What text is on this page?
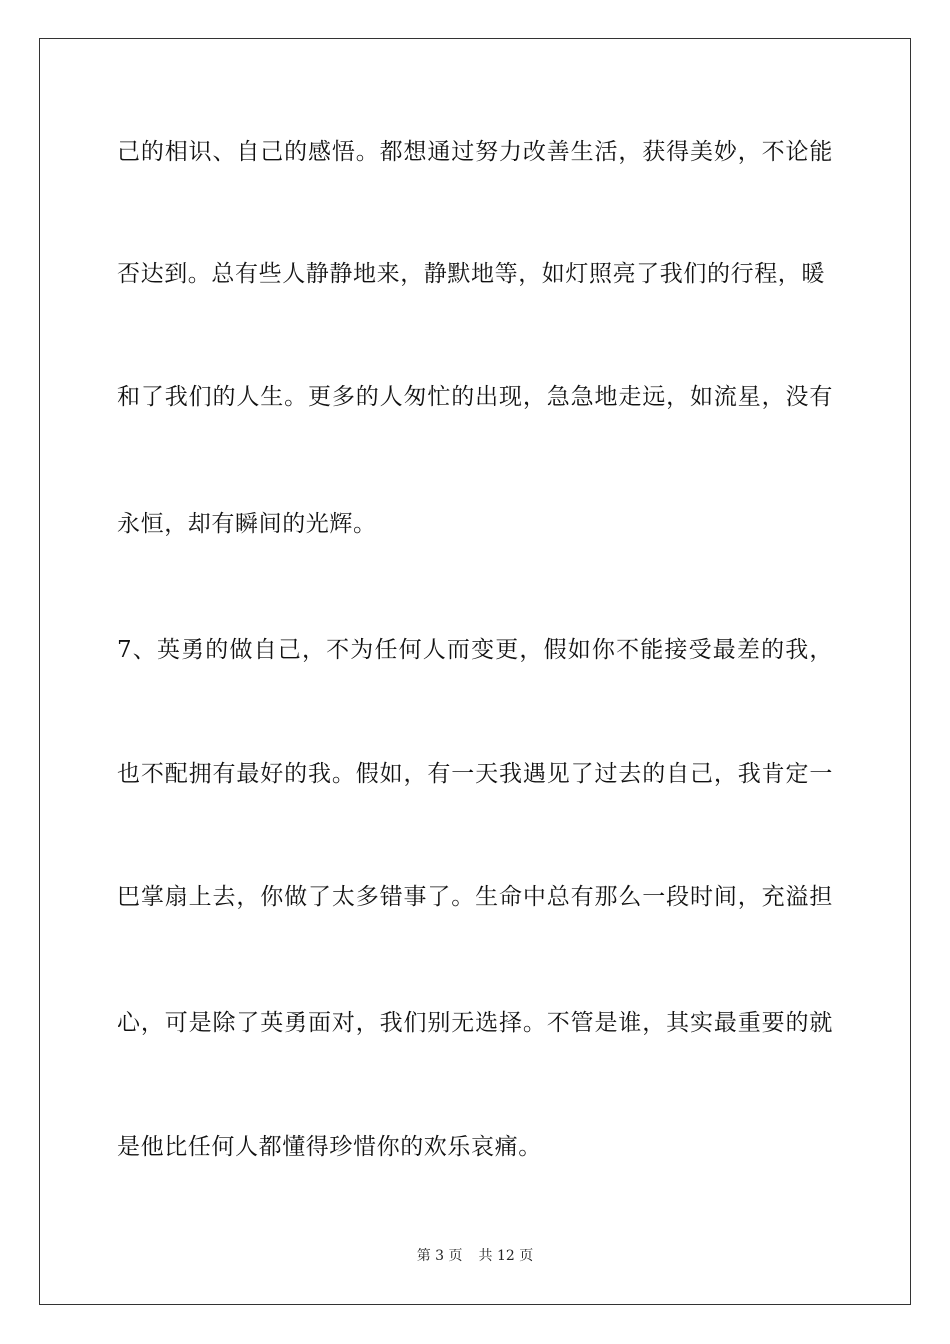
己的相识、自己的感悟。都想通过努力改善生活，获得美妙，不论能
否达到。总有些人静静地来，静默地等，如灯照亮了我们的行程，暖
和了我们的人生。更多的人匆忙的出现，急急地走远，如流星，没有
永恒，却有瞬间的光辉。
7、英勇的做自己，不为任何人而变更，假如你不能接受最差的我，
也不配拥有最好的我。假如，有一天我遇见了过去的自己，我肯定一
巴掌扇上去，你做了太多错事了。生命中总有那么一段时间，充溢担
心，可是除了英勇面对，我们别无选择。不管是谁，其实最重要的就
是他比任何人都懂得珍惜你的欢乐哀痛。
第 3 页 共 12 页
